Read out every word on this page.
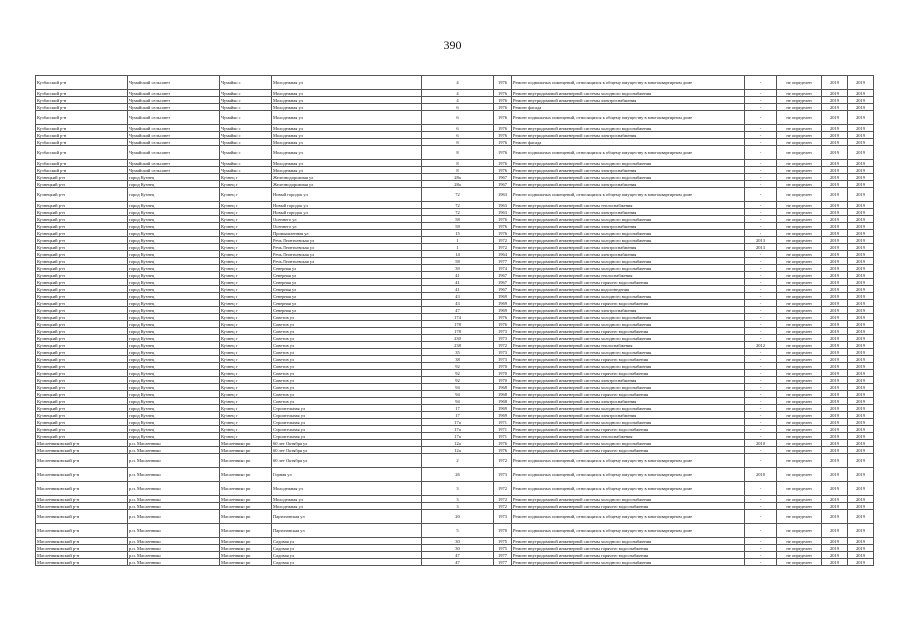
390
Кузбасский р-н	Чумайский сельсовет	Чумайко с	Молодежная ул	4	1976	Ремонт подвальных помещений, относящихся к общему имуществу в многоквартирном доме	-	не определен	2019	2019
Кузбасский р-н	Чумайский сельсовет	Чумайко с	Молодежная ул	4	1976	Ремонт внутридомовой инженерной системы холодного водоснабжения	-	не определен	2019	2019
Кузбасский р-н	Чумайский сельсовет	Чумайко с	Молодежная ул	4	1976	Ремонт внутридомовой инженерной системы электроснабжения	-	не определен	2019	2019
Кузбасский р-н	Чумайский сельсовет	Чумайко с	Молодежная ул	6	1976	Ремонт фасада	-	не определен	2019	2019
Кузбасский р-н	Чумайский сельсовет	Чумайко с	Молодежная ул	6	1976	Ремонт подвальных помещений, относящихся к общему имуществу в многоквартирном доме	-	не определен	2019	2019
Кузбасский р-н	Чумайский сельсовет	Чумайко с	Молодежная ул	6	1976	Ремонт внутридомовой инженерной системы холодного водоснабжения	-	не определен	2019	2019
Кузбасский р-н	Чумайский сельсовет	Чумайко с	Молодежная ул	6	1976	Ремонт внутридомовой инженерной системы электроснабжения	-	не определен	2019	2019
Кузбасский р-н	Чумайский сельсовет	Чумайко с	Молодежная ул	8	1976	Ремонт фасада	-	не определен	2019	2019
Кузбасский р-н	Чумайский сельсовет	Чумайко с	Молодежная ул	8	1976	Ремонт подвальных помещений, относящихся к общему имуществу в многоквартирном доме	-	не определен	2019	2019
Кузбасский р-н	Чумайский сельсовет	Чумайко с	Молодежная ул	8	1976	Ремонт внутридомовой инженерной системы холодного водоснабжения	-	не определен	2019	2019
Кузбасский р-н	Чумайский сельсовет	Чумайко с	Молодежная ул	8	1976	Ремонт внутридомовой инженерной системы электроснабжения	-	не определен	2019	2019
Кузнецкий р-н	город Кузнец	Кузнец г	Железнодорожная ул	28а	1967	Ремонт внутридомовой инженерной системы холодного водоснабжения	-	не определен	2019	2019
Кузнецкий р-н	город Кузнец	Кузнец г	Железнодорожная ул	28а	1967	Ремонт внутридомовой инженерной системы электроснабжения	-	не определен	2019	2019
Кузнецкий р-н	город Кузнец	Кузнец г	Новый городок ул	72	1963	Ремонт подвальных помещений, относящихся к общему имуществу в многоквартирном доме	-	не определен	2019	2019
Кузнецкий р-н	город Кузнец	Кузнец г	Новый городок ул	72	1963	Ремонт внутридомовой инженерной системы теплоснабжения	-	не определен	2019	2019
Кузнецкий р-н	город Кузнец	Кузнец г	Новый городок ул	72	1963	Ремонт внутридомовой инженерной системы электроснабжения	-	не определен	2019	2019
Кузнецкий р-н	город Кузнец	Кузнец г	Осеннего ул	58	1976	Ремонт внутридомовой инженерной системы холодного водоснабжения	-	не определен	2019	2019
Кузнецкий р-н	город Кузнец	Кузнец г	Осеннего ул	58	1976	Ремонт внутридомовой инженерной системы электроснабжения	-	не определен	2019	2019
Кузнецкий р-н	город Кузнец	Кузнец г	Промышленная ул	15	1976	Ремонт внутридомовой инженерной системы холодного водоснабжения	-	не определен	2019	2019
Кузнецкий р-н	город Кузнец	Кузнец г	Речь Леонтьевская ул	1	1972	Ремонт внутридомовой инженерной системы холодного водоснабжения	2013	не определен	2019	2019
Кузнецкий р-н	город Кузнец	Кузнец г	Речь Леонтьевская ул	1	1972	Ремонт внутридомовой инженерной системы электроснабжения	2013	не определен	2019	2019
Кузнецкий р-н	город Кузнец	Кузнец г	Речь Леонтьевская ул	14	1964	Ремонт внутридомовой инженерной системы электроснабжения	-	не определен	2019	2019
Кузнецкий р-н	город Кузнец	Кузнец г	Речь Леонтьевская ул	58	1977	Ремонт внутридомовой инженерной системы холодного водоснабжения	-	не определен	2019	2019
Кузнецкий р-н	город Кузнец	Кузнец г	Северная ул	39	1974	Ремонт внутридомовой инженерной системы холодного водоснабжения	-	не определен	2019	2019
Кузнецкий р-н	город Кузнец	Кузнец г	Северная ул	41	1967	Ремонт внутридомовой инженерной системы теплоснабжения	-	не определен	2019	2019
Кузнецкий р-н	город Кузнец	Кузнец г	Северная ул	41	1967	Ремонт внутридомовой инженерной системы горячего водоснабжения	-	не определен	2019	2019
Кузнецкий р-н	город Кузнец	Кузнец г	Северная ул	41	1967	Ремонт внутридомовой инженерной системы водоотведения	-	не определен	2019	2019
Кузнецкий р-н	город Кузнец	Кузнец г	Северная ул	43	1969	Ремонт внутридомовой инженерной системы холодного водоснабжения	-	не определен	2019	2019
Кузнецкий р-н	город Кузнец	Кузнец г	Северная ул	43	1969	Ремонт внутридомовой инженерной системы горячего водоснабжения	-	не определен	2019	2019
Кузнецкий р-н	город Кузнец	Кузнец г	Северная ул	47	1969	Ремонт внутридомовой инженерной системы электроснабжения	-	не определен	2019	2019
Кузнецкий р-н	город Кузнец	Кузнец г	Советов ул	174	1976	Ремонт внутридомовой инженерной системы холодного водоснабжения	-	не определен	2019	2019
Кузнецкий р-н	город Кузнец	Кузнец г	Советов ул	178	1976	Ремонт внутридомовой инженерной системы холодного водоснабжения	-	не определен	2019	2019
Кузнецкий р-н	город Кузнец	Кузнец г	Советов ул	178	1973	Ремонт внутридомовой инженерной системы горячего водоснабжения	-	не определен	2019	2019
Кузнецкий р-н	город Кузнец	Кузнец г	Советов ул	230	1973	Ремонт внутридомовой инженерной системы холодного водоснабжения	-	не определен	2019	2019
Кузнецкий р-н	город Кузнец	Кузнец г	Советов ул	238	1972	Ремонт внутридомовой инженерной системы теплоснабжения	2012	не определен	2019	2019
Кузнецкий р-н	город Кузнец	Кузнец г	Советов ул	35	1973	Ремонт внутридомовой инженерной системы холодного водоснабжения	-	не определен	2019	2019
Кузнецкий р-н	город Кузнец	Кузнец г	Советов ул	38	1973	Ремонт внутридомовой инженерной системы горячего водоснабжения	-	не определен	2019	2019
Кузнецкий р-н	город Кузнец	Кузнец г	Советов ул	92	1970	Ремонт внутридомовой инженерной системы холодного водоснабжения	-	не определен	2019	2019
Кузнецкий р-н	город Кузнец	Кузнец г	Советов ул	92	1970	Ремонт внутридомовой инженерной системы горячего водоснабжения	-	не определен	2019	2019
Кузнецкий р-н	город Кузнец	Кузнец г	Советов ул	92	1970	Ремонт внутридомовой инженерной системы электроснабжения	-	не определен	2019	2019
Кузнецкий р-н	город Кузнец	Кузнец г	Советов ул	94	1968	Ремонт внутридомовой инженерной системы холодного водоснабжения	-	не определен	2019	2019
Кузнецкий р-н	город Кузнец	Кузнец г	Советов ул	94	1968	Ремонт внутридомовой инженерной системы горячего водоснабжения	-	не определен	2019	2019
Кузнецкий р-н	город Кузнец	Кузнец г	Советов ул	94	1968	Ремонт внутридомовой инженерной системы электроснабжения	-	не определен	2019	2019
Кузнецкий р-н	город Кузнец	Кузнец г	Строительная ул	17	1969	Ремонт внутридомовой инженерной системы холодного водоснабжения	-	не определен	2019	2019
Кузнецкий р-н	город Кузнец	Кузнец г	Строительная ул	17	1969	Ремонт внутридомовой инженерной системы электроснабжения	-	не определен	2019	2019
Кузнецкий р-н	город Кузнец	Кузнец г	Строительная ул	17а	1971	Ремонт внутридомовой инженерной системы холодного водоснабжения	-	не определен	2019	2019
Кузнецкий р-н	город Кузнец	Кузнец г	Строительная ул	17а	1971	Ремонт внутридомовой инженерной системы горячего водоснабжения	-	не определен	2019	2019
Кузнецкий р-н	город Кузнец	Кузнец г	Строительная ул	17а	1971	Ремонт внутридомовой инженерной системы теплоснабжения	-	не определен	2019	2019
Масленниковский р-н	р.п. Масленнико	Масленнико рп	60 лет Октября ул	12а	1976	Ремонт внутридомовой инженерной системы холодного водоснабжения	2010	не определен	2019	2019
Масленниковский р-н	р.п. Масленнико	Масленнико рп	60 лет Октября ул	12а	1976	Ремонт внутридомовой инженерной системы горячего водоснабжения	-	не определен	2019	2019
Масленниковский р-н	р.п. Масленнико	Масленнико рп	60 лет Октября ул	2	1972	Ремонт подвальных помещений, относящихся к общему имуществу в многоквартирном доме	-	не определен	2019	2019
Масленниковский р-н	р.п. Масленнико	Масленнико рп	Горная ул	26	1973	Ремонт подвальных помещений, относящихся к общему имуществу в многоквартирном доме	2010	не определен	2019	2019
Масленниковский р-н	р.п. Масленнико	Масленнико рп	Молодежная ул	3	1972	Ремонт подвальных помещений, относящихся к общему имуществу в многоквартирном доме	-	не определен	2019	2019
Масленниковский р-н	р.п. Масленнико	Масленнико рп	Молодежная ул	3	1972	Ремонт внутридомовой инженерной системы холодного водоснабжения	-	не определен	2019	2019
Масленниковский р-н	р.п. Масленнико	Масленнико рп	Молодежная ул	3	1972	Ремонт внутридомовой инженерной системы горячего водоснабжения	-	не определен	2019	2019
Масленниковский р-н	р.п. Масленнико	Масленнико рп	Партизанская ул	20	1973	Ремонт подвальных помещений, относящихся к общему имуществу в многоквартирном доме	-	не определен	2019	2019
Масленниковский р-н	р.п. Масленнико	Масленнико рп	Партизанская ул	5	1970	Ремонт подвальных помещений, относящихся к общему имуществу в многоквартирном доме	-	не определен	2019	2019
Масленниковский р-н	р.п. Масленнико	Масленнико рп	Садовая ул	30	1975	Ремонт внутридомовой инженерной системы холодного водоснабжения	-	не определен	2019	2019
Масленниковский р-н	р.п. Масленнико	Масленнико рп	Садовая ул	30	1975	Ремонт внутридомовой инженерной системы горячего водоснабжения	-	не определен	2019	2019
Масленниковский р-н	р.п. Масленнико	Масленнико рп	Садовая ул	47	1977	Ремонт внутридомовой инженерной системы горячего водоснабжения	-	не определен	2019	2019
Масленниковский р-н	р.п. Масленнико	Масленнико рп	Садовая ул	47	1977	Ремонт внутридомовой инженерной системы холодного водоснабжения	-	не определен	2019	2019
